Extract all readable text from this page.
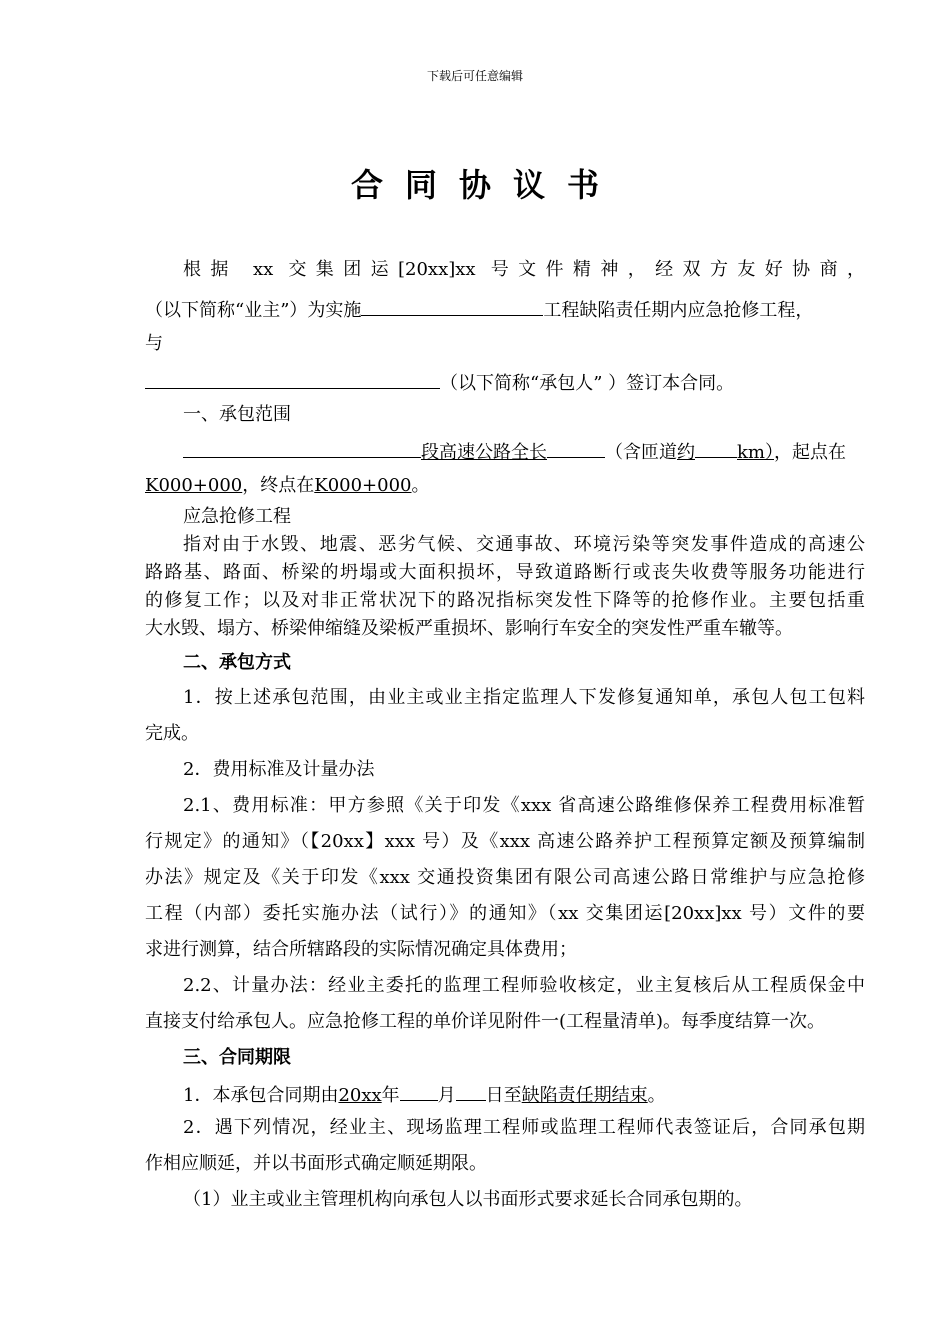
下载后可任意编辑
合同协议书
根据 xx 交集团运[20xx]xx 号文件精神，经双方友好协商，
（以下简称“业主”）为实施	工程缺陷责任期内应急抢修工程，
与
（以下简称“承包人” ）签订本合同。
一、承包范围
段高速公路全长	（含匝道约 km），起点在
K000+000，终点在K000+000。
应急抢修工程
指对由于水毁、地震、恶劣气候、交通事故、环境污染等突发事件造成的高速公
路路基、路面、桥梁的坍塌或大面积损坏，导致道路断行或丧失收费等服务功能进行
的修复工作；以及对非正常状况下的路况指标突发性下降等的抢修作业。主要包括重
大水毁、塌方、桥梁伸缩缝及梁板严重损坏、影响行车安全的突发性严重车辙等。
二、承包方式
1．按上述承包范围，由业主或业主指定监理人下发修复通知单，承包人包工包料
完成。
2．费用标准及计量办法
2.1、费用标准：甲方参照《关于印发《xxx 省高速公路维修保养工程费用标准暂
行规定》的通知》（【20xx】xxx 号）及《xxx 高速公路养护工程预算定额及预算编制
办法》规定及《关于印发《xxx 交通投资集团有限公司高速公路日常维护与应急抢修
工程（内部）委托实施办法（试行）》的通知》（xx 交集团运[20xx]xx 号）文件的要
求进行测算，结合所辖路段的实际情况确定具体费用；
2.2、计量办法：经业主委托的监理工程师验收核定，业主复核后从工程质保金中
直接支付给承包人。应急抢修工程的单价详见附件一(工程量清单)。每季度结算一次。
三、合同期限
1．本承包合同期由20xx年 月 日至缺陷责任期结束。
2．遇下列情况，经业主、现场监理工程师或监理工程师代表签证后，合同承包期
作相应顺延，并以书面形式确定顺延期限。
（1）业主或业主管理机构向承包人以书面形式要求延长合同承包期的。
